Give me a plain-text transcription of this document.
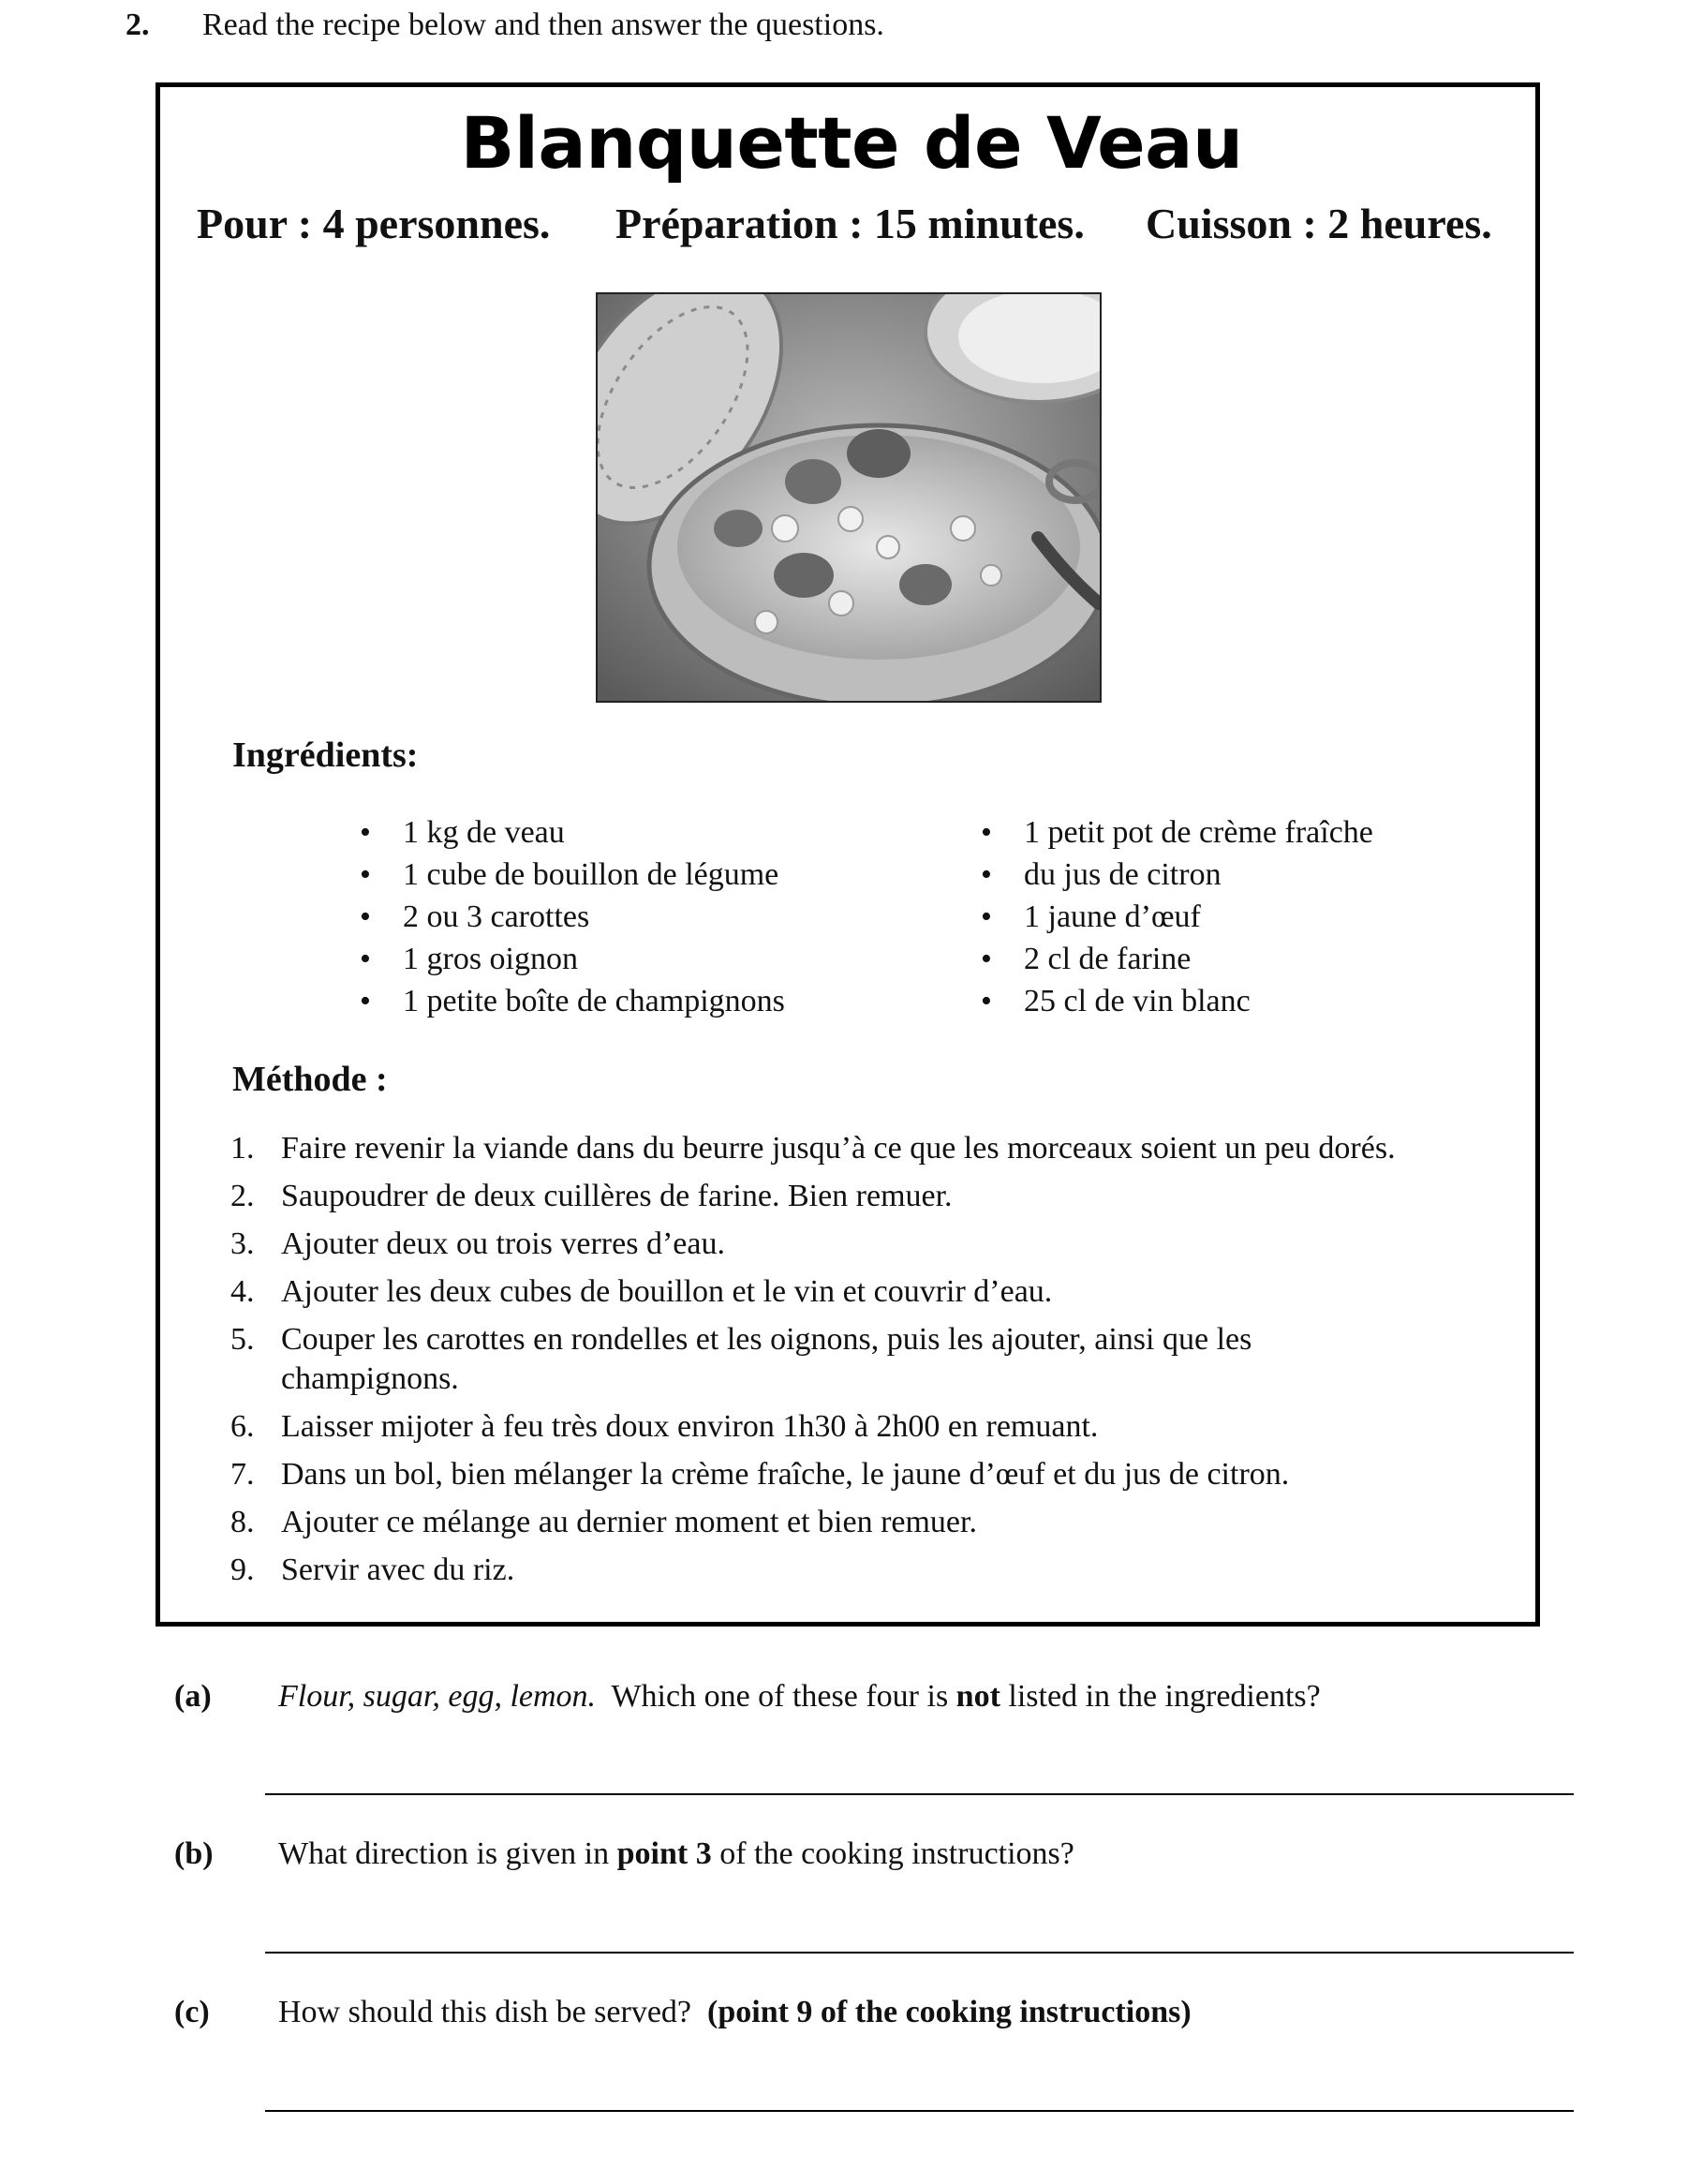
2. Read the recipe below and then answer the questions.
Blanquette de Veau
Pour : 4 personnes. Préparation : 15 minutes. Cuisson : 2 heures.
Ingrédients:
•	1 kg de veau
•	1 cube de bouillon de légume
•	2 ou 3 carottes
•	1 gros oignon
•	1 petite boîte de champignons
•	1 petit pot de crème fraîche
•	du jus de citron
•	1 jaune d’œuf
•	2 cl de farine
•	25 cl de vin blanc
Méthode :
1. Faire revenir la viande dans du beurre jusqu’à ce que les morceaux soient un peu dorés.
2. Saupoudrer de deux cuillères de farine. Bien remuer.
3. Ajouter deux ou trois verres d’eau.
4. Ajouter les deux cubes de bouillon et le vin et couvrir d’eau.
5. Couper les carottes en rondelles et les oignons, puis les ajouter, ainsi que les champignons.
6. Laisser mijoter à feu très doux environ 1h30 à 2h00 en remuant.
7. Dans un bol, bien mélanger la crème fraîche, le jaune d’œuf et du jus de citron.
8. Ajouter ce mélange au dernier moment et bien remuer.
9. Servir avec du riz.
(a) Flour, sugar, egg, lemon.  Which one of these four is not listed in the ingredients?
(b) What direction is given in point 3 of the cooking instructions?
(c) How should this dish be served?  (point 9 of the cooking instructions)
